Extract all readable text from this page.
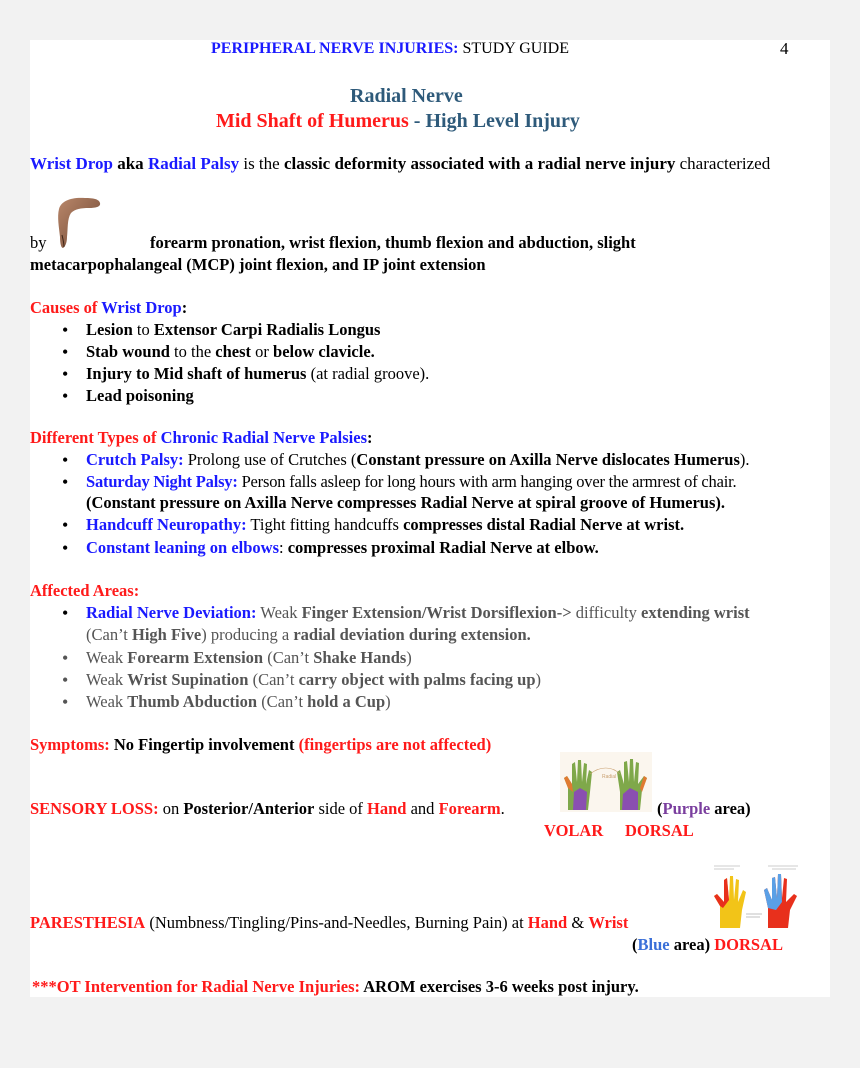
PERIPHERAL NERVE INJURIES: STUDY GUIDE	4
Radial Nerve
Mid Shaft of Humerus - High Level Injury
Wrist Drop aka Radial Palsy is the classic deformity associated with a radial nerve injury characterized
by	forearm pronation, wrist flexion, thumb flexion and abduction, slight
metacarpophalangeal (MCP) joint flexion, and IP joint extension
Causes of Wrist Drop:
• Lesion to Extensor Carpi Radialis Longus
• Stab wound to the chest or below clavicle.
• Injury to Mid shaft of humerus (at radial groove).
• Lead poisoning
Different Types of Chronic Radial Nerve Palsies:
• Crutch Palsy: Prolong use of Crutches (Constant pressure on Axilla Nerve dislocates Humerus).
• Saturday Night Palsy: Person falls asleep for long hours with arm hanging over the armrest of chair.
(Constant pressure on Axilla Nerve compresses Radial Nerve at spiral groove of Humerus).
• Handcuff Neuropathy: Tight fitting handcuffs compresses distal Radial Nerve at wrist.
• Constant leaning on elbows: compresses proximal Radial Nerve at elbow.
Affected Areas:
• Radial Nerve Deviation: Weak Finger Extension/Wrist Dorsiflexion-> difficulty extending wrist
(Can’t High Five) producing a radial deviation during extension.
• Weak Forearm Extension (Can’t Shake Hands)
• Weak Wrist Supination (Can’t carry object with palms facing up)
• Weak Thumb Abduction (Can’t hold a Cup)
Symptoms: No Fingertip involvement (fingertips are not affected)
Radial
SENSORY LOSS: on Posterior/Anterior side of Hand and Forearm.	(Purple area)
VOLAR DORSAL
PARESTHESIA (Numbness/Tingling/Pins-and-Needles, Burning Pain) at Hand & Wrist
(Blue area) DORSAL
***OT Intervention for Radial Nerve Injuries: AROM exercises 3-6 weeks post injury.
